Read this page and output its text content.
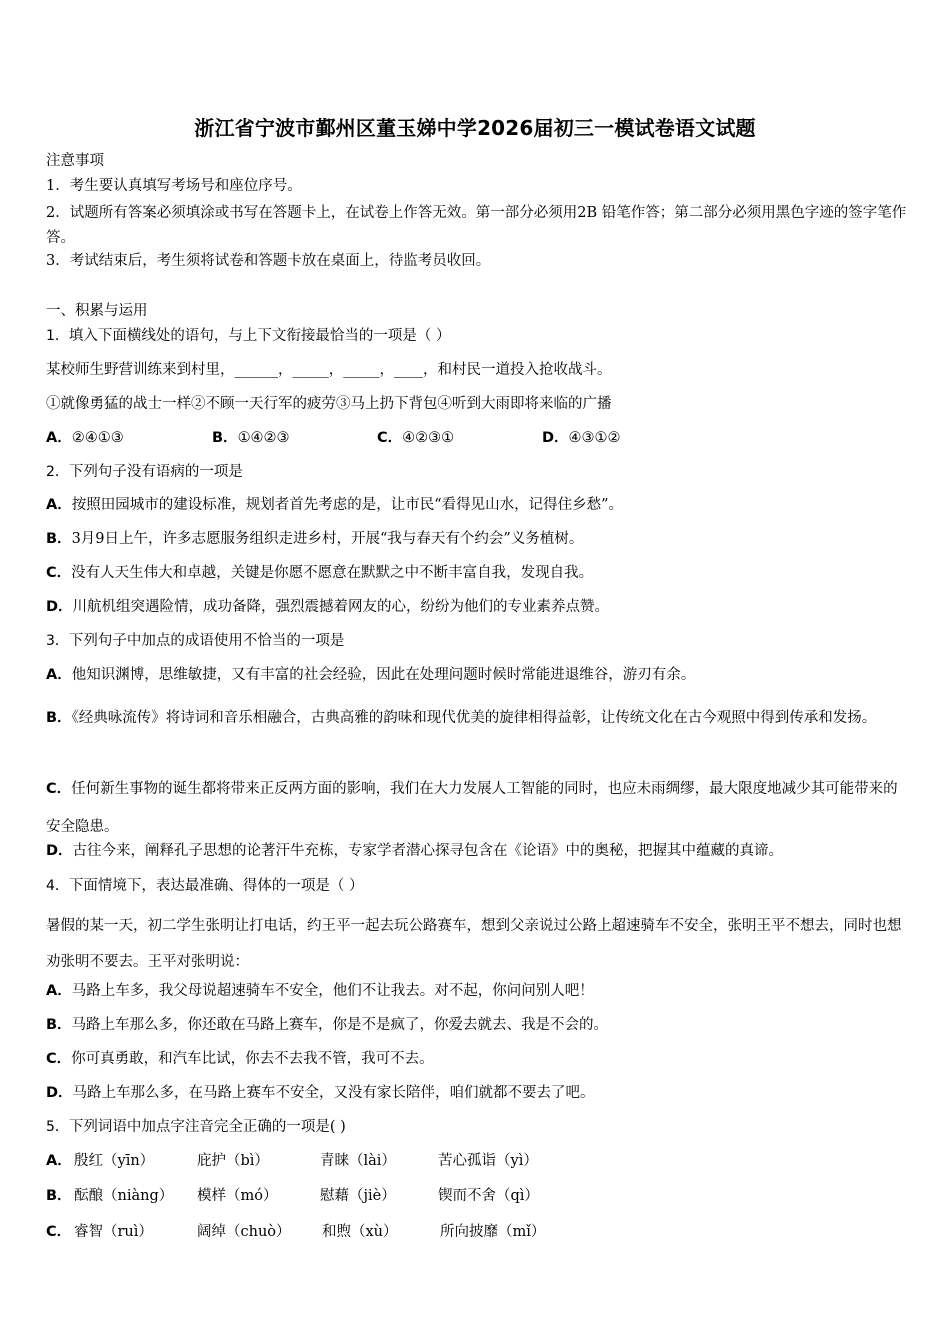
浙江省宁波市鄞州区董玉娣中学2026届初三一模试卷语文试题
注意事项
1．考生要认真填写考场号和座位序号。
2．试题所有答案必须填涂或书写在答题卡上，在试卷上作答无效。第一部分必须用2B 铅笔作答；第二部分必须用黑色字迹的签字笔作答。
3．考试结束后，考生须将试卷和答题卡放在桌面上，待监考员收回。
一、积累与运用
1．填入下面横线处的语句，与上下文衔接最恰当的一项是（ ）
某校师生野营训练来到村里，______，_____，_____，____，和村民一道投入抢收战斗。
①就像勇猛的战士一样②不顾一天行军的疲劳③马上扔下背包④听到大雨即将来临的广播
A．②④①③	B．①④②③	C．④②③①	D．④③①②
2．下列句子没有语病的一项是
A．按照田园城市的建设标准，规划者首先考虑的是，让市民“看得见山水，记得住乡愁”。
B．3月9日上午，许多志愿服务组织走进乡村，开展“我与春天有个约会”义务植树。
C．没有人天生伟大和卓越，关键是你愿不愿意在默默之中不断丰富自我，发现自我。
D．川航机组突遇险情，成功备降，强烈震撼着网友的心，纷纷为他们的专业素养点赞。
3．下列句子中加点的成语使用不恰当的一项是
A．他知识渊博，思维敏捷，又有丰富的社会经验，因此在处理问题时候时常能进退维谷，游刃有余。
B．《经典咏流传》将诗词和音乐相融合，古典高雅的韵味和现代优美的旋律相得益彰，让传统文化在古今观照中得到传承和发扬。
C．任何新生事物的诞生都将带来正反两方面的影响，我们在大力发展人工智能的同时，也应未雨绸缪，最大限度地减少其可能带来的安全隐患。
D．古往今来，阐释孔子思想的论著汗牛充栋，专家学者潜心探寻包含在《论语》中的奥秘，把握其中蕴藏的真谛。
4．下面情境下，表达最准确、得体的一项是（ ）
暑假的某一天，初二学生张明让打电话，约王平一起去玩公路赛车，想到父亲说过公路上超速骑车不安全，张明王平不想去，同时也想劝张明不要去。王平对张明说：
A．马路上车多，我父母说超速骑车不安全，他们不让我去。对不起，你问问别人吧！
B．马路上车那么多，你还敢在马路上赛车，你是不是疯了，你爱去就去、我是不会的。
C．你可真勇敢，和汽车比试，你去不去我不管，我可不去。
D．马路上车那么多，在马路上赛车不安全，又没有家长陪伴，咱们就都不要去了吧。
5．下列词语中加点字注音完全正确的一项是( )
A． 殷红（yīn）	庇护（bì）	青睐（lài）	苦心孤诣（yì）
B． 酝酿（niàng） 模样（mó）	慰藉（jiè）	锲而不舍（qì）
C． 睿智（ruì）	阔绰（chuò） 和煦（xù）	所向披靡（mǐ）
